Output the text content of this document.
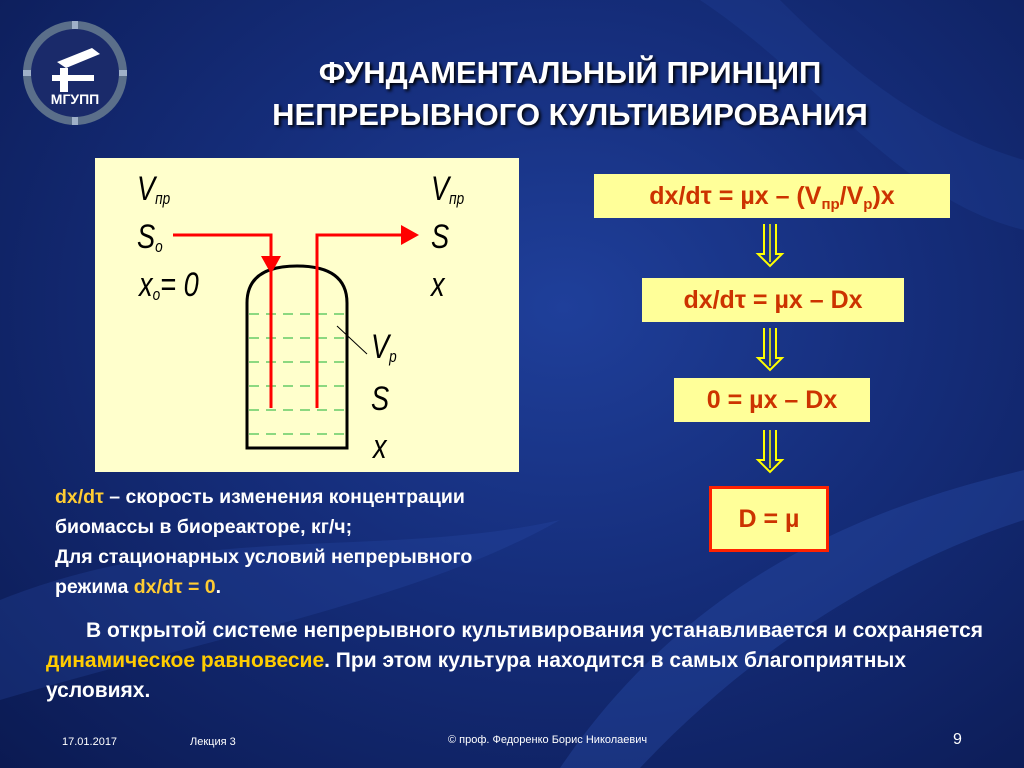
МГУПП
ФУНДАМЕНТАЛЬНЫЙ ПРИНЦИП
НЕПРЕРЫВНОГО КУЛЬТИВИРОВАНИЯ
$V_{пр}$
$S_o$
$x_o= 0$
$V_{пр}$
S
x
$V_р$
S
x
$dx/d\tau = \mu x - (V_{пр}/V_р)x$
dx/dτ = µx – Dx
0 = µx – Dx
D = µ
dx/dτ – скорость изменения концентрации
биомассы в биореакторе, кг/ч;
Для стационарных условий непрерывного
режима dx/dτ = 0.
В открытой системе непрерывного культивирования устанавливается и сохраняется динамическое равновесие. При этом культура находится в самых благоприятных условиях.
17.01.2017	Лекция 3	© проф. Федоренко Борис Николаевич	9
